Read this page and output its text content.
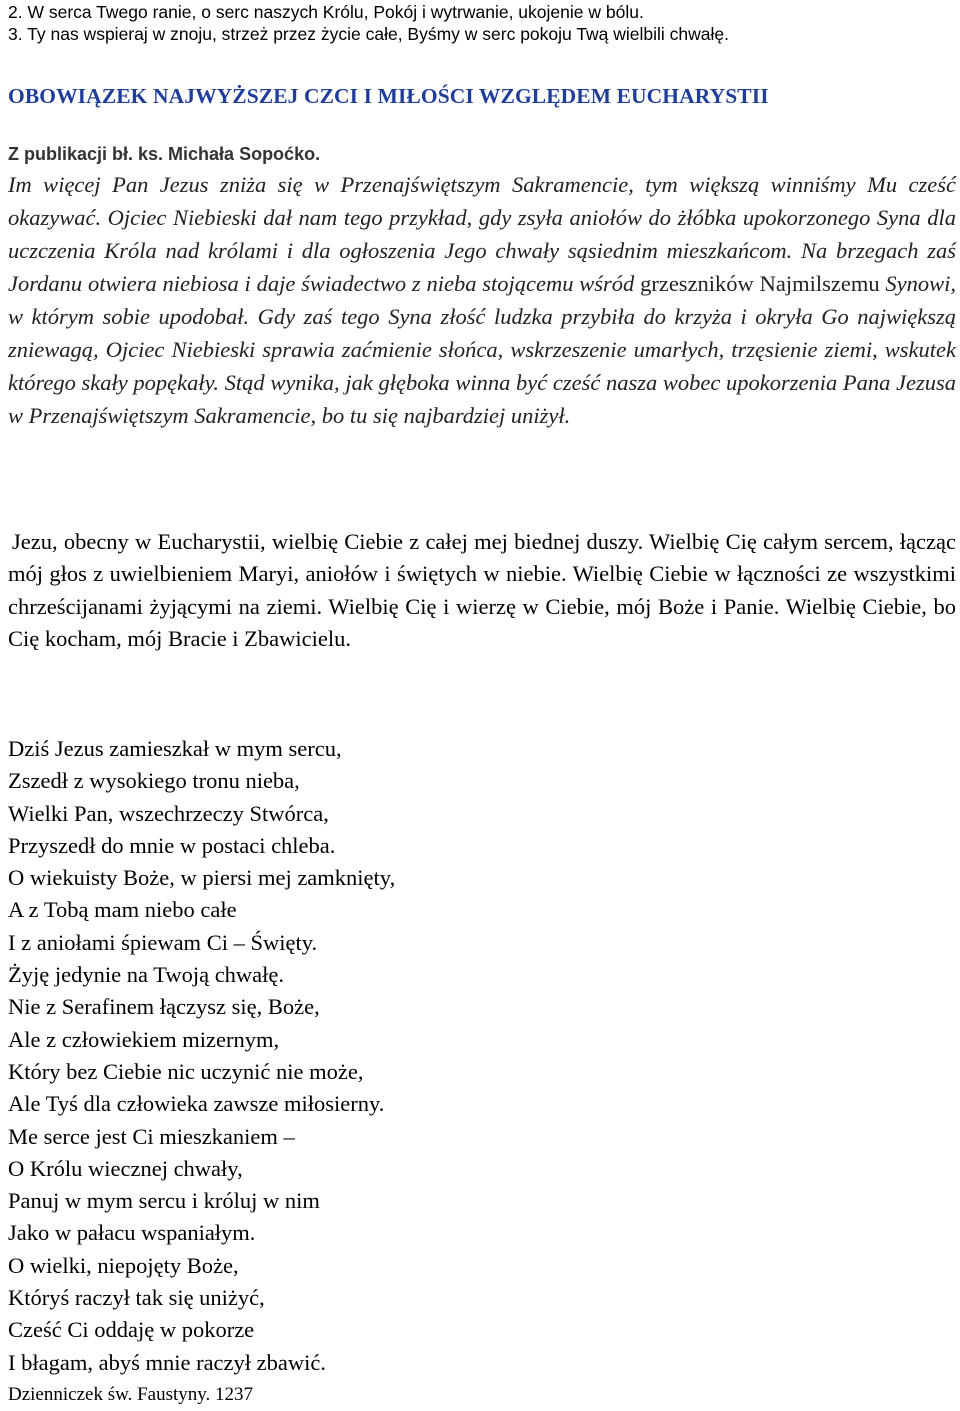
2. W serca Twego ranie, o serc naszych Królu, Pokój i wytrwanie, ukojenie w bólu.
3. Ty nas wspieraj w znoju, strzeż przez życie całe, Byśmy w serc pokoju Twą wielbili chwałę.
OBOWIĄZEK NAJWYŻSZEJ CZCI I MIŁOŚCI WZGLĘDEM EUCHARYSTII
Z publikacji bł. ks. Michała Sopoćko.
Im więcej Pan Jezus zniża się w Przenajświętszym Sakramencie, tym większą winniśmy Mu cześć okazywać. Ojciec Niebieski dał nam tego przykład, gdy zsyła aniołów do żłóbka upokorzonego Syna dla uczczenia Króla nad królami i dla ogłoszenia Jego chwały sąsiednim mieszkańcom. Na brzegach zaś Jordanu otwiera niebiosa i daje świadectwo z nieba stojącemu wśród grzeszników Najmilszemu Synowi, w którym sobie upodobał. Gdy zaś tego Syna złość ludzka przybiła do krzyża i okryła Go największą zniewagą, Ojciec Niebieski sprawia zaćmienie słońca, wskrzeszenie umarłych, trzęsienie ziemi, wskutek którego skały popękały. Stąd wynika, jak głęboka winna być cześć nasza wobec upokorzenia Pana Jezusa w Przenajświętszym Sakramencie, bo tu się najbardziej uniżył.
Jezu, obecny w Eucharystii, wielbię Ciebie z całej mej biednej duszy. Wielbię Cię całym sercem, łącząc mój głos z uwielbieniem Maryi, aniołów i świętych w niebie. Wielbię Ciebie w łączności ze wszystkimi chrześcijanami żyjącymi na ziemi. Wielbię Cię i wierzę w Ciebie, mój Boże i Panie. Wielbię Ciebie, bo Cię kocham, mój Bracie i Zbawicielu.
Dziś Jezus zamieszkał w mym sercu,
Zszedł z wysokiego tronu nieba,
Wielki Pan, wszechrzeczy Stwórca,
Przyszedł do mnie w postaci chleba.
O wiekuisty Boże, w piersi mej zamknięty,
A z Tobą mam niebo całe
I z aniołami śpiewam Ci – Święty.
Żyję jedynie na Twoją chwałę.
Nie z Serafinem łączysz się, Boże,
Ale z człowiekiem mizernym,
Który bez Ciebie nic uczynić nie może,
Ale Tyś dla człowieka zawsze miłosierny.
Me serce jest Ci mieszkaniem –
O Królu wiecznej chwały,
Panuj w mym sercu i króluj w nim
Jako w pałacu wspaniałym.
O wielki, niepojęty Boże,
Któryś raczył tak się uniżyć,
Cześć Ci oddaję w pokorze
I błagam, abyś mnie raczył zbawić.
Dzienniczek św. Faustyny. 1237
